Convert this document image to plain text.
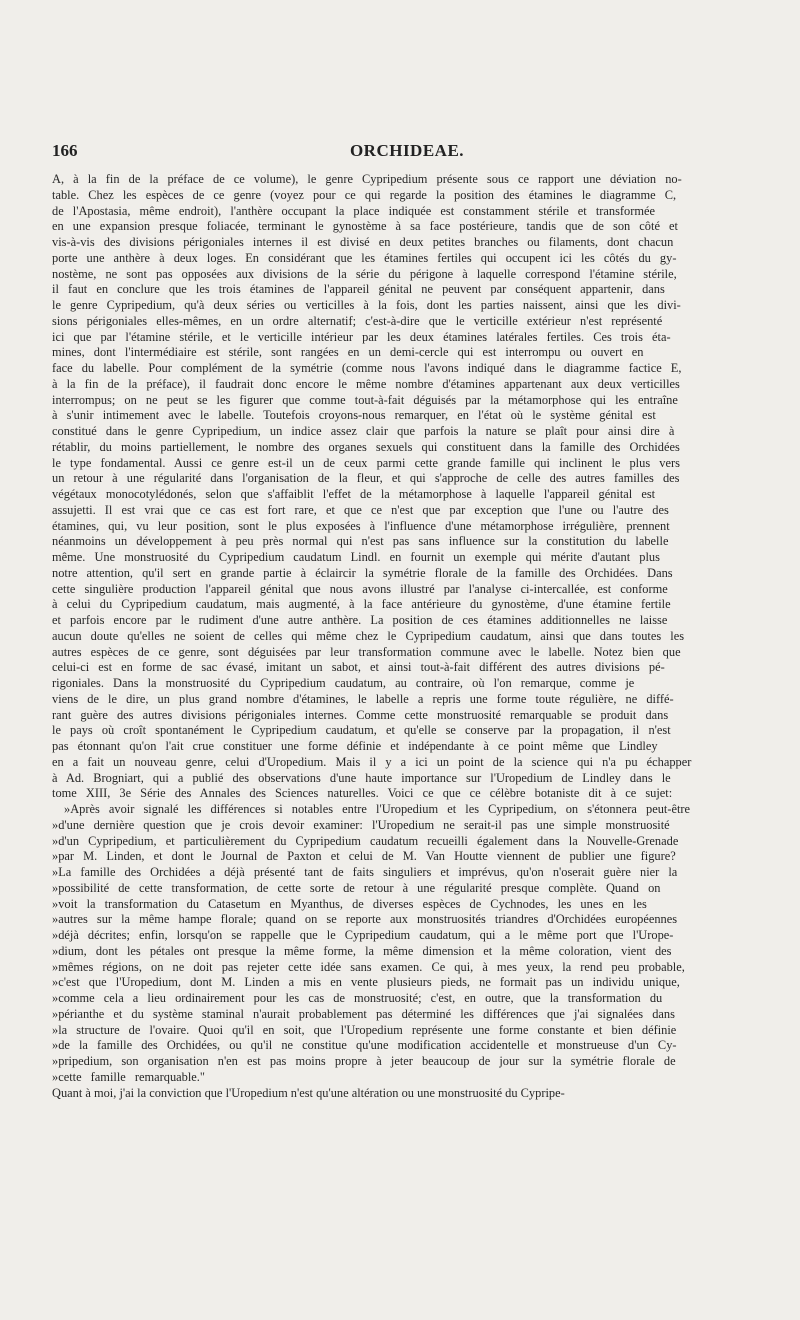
166	ORCHIDEAE.
A, à la fin de la préface de ce volume), le genre Cypripedium présente sous ce rapport une déviation no-
table. Chez les espèces de ce genre (voyez pour ce qui regarde la position des étamines le diagramme C,
de l'Apostasia, même endroit), l'anthère occupant la place indiquée est constamment stérile et transformée
en une expansion presque foliacée, terminant le gynostème à sa face postérieure, tandis que de son côté et
vis-à-vis des divisions périgoniales internes il est divisé en deux petites branches ou filaments, dont chacun
porte une anthère à deux loges. En considérant que les étamines fertiles qui occupent ici les côtés du gy-
nostème, ne sont pas opposées aux divisions de la série du périgone à laquelle correspond l'étamine stérile,
il faut en conclure que les trois étamines de l'appareil génital ne peuvent par conséquent appartenir, dans
le genre Cypripedium, qu'à deux séries ou verticilles à la fois, dont les parties naissent, ainsi que les divi-
sions périgoniales elles-mêmes, en un ordre alternatif; c'est-à-dire que le verticille extérieur n'est représenté
ici que par l'étamine stérile, et le verticille intérieur par les deux étamines latérales fertiles. Ces trois éta-
mines, dont l'intermédiaire est stérile, sont rangées en un demi-cercle qui est interrompu ou ouvert en
face du labelle. Pour complément de la symétrie (comme nous l'avons indiqué dans le diagramme factice E,
à la fin de la préface), il faudrait donc encore le même nombre d'étamines appartenant aux deux verticilles
interrompus; on ne peut se les figurer que comme tout-à-fait déguisés par la métamorphose qui les entraîne
à s'unir intimement avec le labelle. Toutefois croyons-nous remarquer, en l'état où le système génital est
constitué dans le genre Cypripedium, un indice assez clair que parfois la nature se plaît pour ainsi dire à
rétablir, du moins partiellement, le nombre des organes sexuels qui constituent dans la famille des Orchidées
le type fondamental. Aussi ce genre est-il un de ceux parmi cette grande famille qui inclinent le plus vers
un retour à une régularité dans l'organisation de la fleur, et qui s'approche de celle des autres familles des
végétaux monocotylédonés, selon que s'affaiblit l'effet de la métamorphose à laquelle l'appareil génital est
assujetti. Il est vrai que ce cas est fort rare, et que ce n'est que par exception que l'une ou l'autre des
étamines, qui, vu leur position, sont le plus exposées à l'influence d'une métamorphose irrégulière, prennent
néanmoins un développement à peu près normal qui n'est pas sans influence sur la constitution du labelle
même. Une monstruosité du Cypripedium caudatum Lindl. en fournit un exemple qui mérite d'autant plus
notre attention, qu'il sert en grande partie à éclaircir la symétrie florale de la famille des Orchidées. Dans
cette singulière production l'appareil génital que nous avons illustré par l'analyse ci-intercallée, est conforme
à celui du Cypripedium caudatum, mais augmenté, à la face antérieure du gynostème, d'une étamine fertile
et parfois encore par le rudiment d'une autre anthère. La position de ces étamines additionnelles ne laisse
aucun doute qu'elles ne soient de celles qui même chez le Cypripedium caudatum, ainsi que dans toutes les
autres espèces de ce genre, sont déguisées par leur transformation commune avec le labelle. Notez bien que
celui-ci est en forme de sac évasé, imitant un sabot, et ainsi tout-à-fait différent des autres divisions pé-
rigoniales. Dans la monstruosité du Cypripedium caudatum, au contraire, où l'on remarque, comme je
viens de le dire, un plus grand nombre d'étamines, le labelle a repris une forme toute régulière, ne diffé-
rant guère des autres divisions périgoniales internes. Comme cette monstruosité remarquable se produit dans
le pays où croît spontanément le Cypripedium caudatum, et qu'elle se conserve par la propagation, il n'est
pas étonnant qu'on l'ait crue constituer une forme définie et indépendante à ce point même que Lindley
en a fait un nouveau genre, celui d'Uropedium. Mais il y a ici un point de la science qui n'a pu échapper
à Ad. Brogniart, qui a publié des observations d'une haute importance sur l'Uropedium de Lindley dans le
tome XIII, 3e Série des Annales des Sciences naturelles. Voici ce que ce célèbre botaniste dit à ce sujet:
»Après avoir signalé les différences si notables entre l'Uropedium et les Cypripedium, on s'étonnera peut-être
»d'une dernière question que je crois devoir examiner: l'Uropedium ne serait-il pas une simple monstruosité
»d'un Cypripedium, et particulièrement du Cypripedium caudatum recueilli également dans la Nouvelle-Grenade
»par M. Linden, et dont le Journal de Paxton et celui de M. Van Houtte viennent de publier une figure?
»La famille des Orchidées a déjà présenté tant de faits singuliers et imprévus, qu'on n'oserait guère nier la
»possibilité de cette transformation, de cette sorte de retour à une régularité presque complète. Quand on
»voit la transformation du Catasetum en Myanthus, de diverses espèces de Cychnodes, les unes en les
»autres sur la même hampe florale; quand on se reporte aux monstruosités triandres d'Orchidées européennes
»déjà décrites; enfin, lorsqu'on se rappelle que le Cypripedium caudatum, qui a le même port que l'Urope-
»dium, dont les pétales ont presque la même forme, la même dimension et la même coloration, vient des
»mêmes régions, on ne doit pas rejeter cette idée sans examen. Ce qui, à mes yeux, la rend peu probable,
»c'est que l'Uropedium, dont M. Linden a mis en vente plusieurs pieds, ne formait pas un individu unique,
»comme cela a lieu ordinairement pour les cas de monstruosité; c'est, en outre, que la transformation du
»périanthe et du système staminal n'aurait probablement pas déterminé les différences que j'ai signalées dans
»la structure de l'ovaire. Quoi qu'il en soit, que l'Uropedium représente une forme constante et bien définie
»de la famille des Orchidées, ou qu'il ne constitue qu'une modification accidentelle et monstrueuse d'un Cy-
»pripedium, son organisation n'en est pas moins propre à jeter beaucoup de jour sur la symétrie florale de
»cette famille remarquable."
Quant à moi, j'ai la conviction que l'Uropedium n'est qu'une altération ou une monstruosité du Cypripe-
